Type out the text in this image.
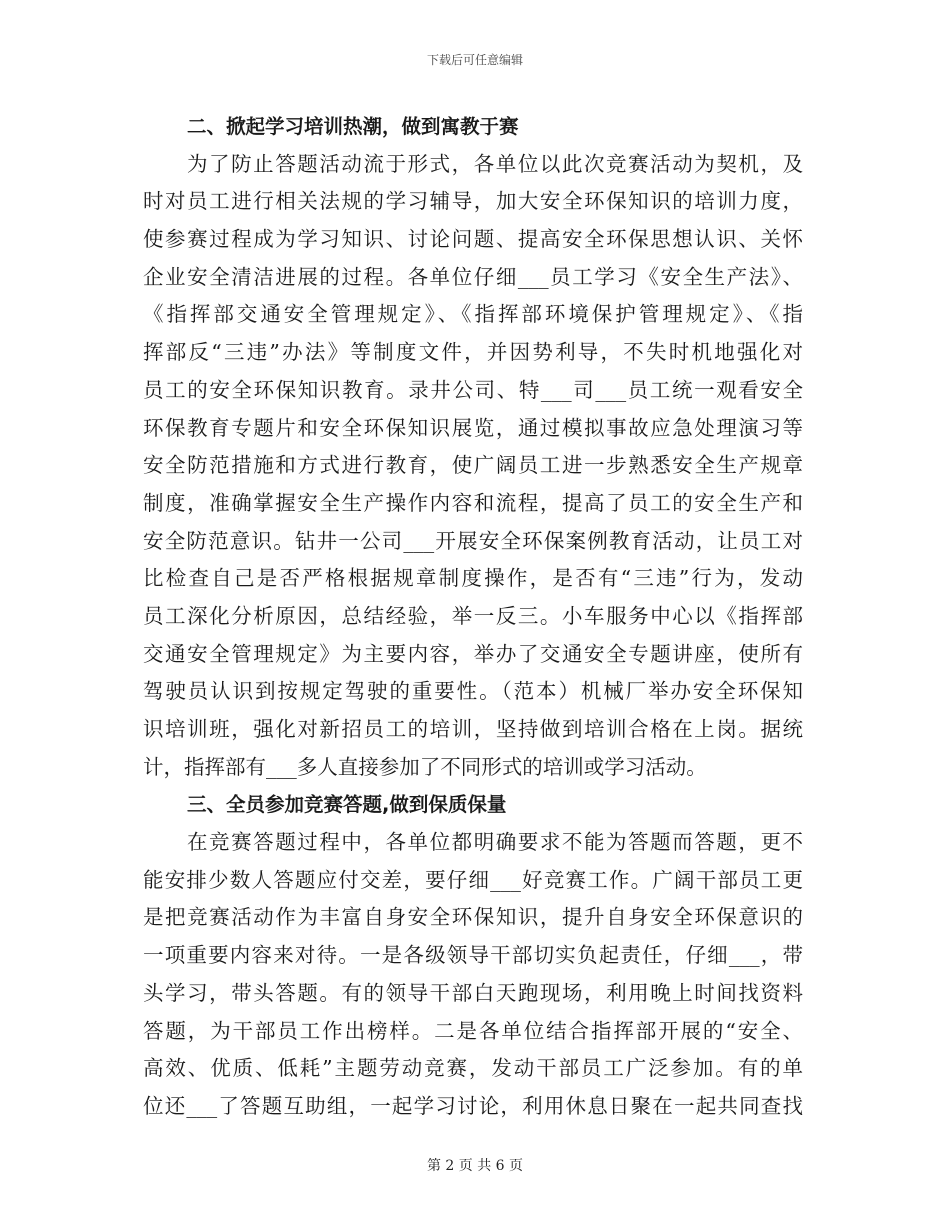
下载后可任意编辑
二、掀起学习培训热潮，做到寓教于赛
为了防止答题活动流于形式，各单位以此次竞赛活动为契机，及
时对员工进行相关法规的学习辅导，加大安全环保知识的培训力度，
使参赛过程成为学习知识、讨论问题、提高安全环保思想认识、关怀
企业安全清洁进展的过程。各单位仔细___员工学习《安全生产法》、
《指挥部交通安全管理规定》、《指挥部环境保护管理规定》、《指
挥部反“三违”办法》等制度文件，并因势利导，不失时机地强化对
员工的安全环保知识教育。录井公司、特___司___员工统一观看安全
环保教育专题片和安全环保知识展览，通过模拟事故应急处理演习等
安全防范措施和方式进行教育，使广阔员工进一步熟悉安全生产规章
制度，准确掌握安全生产操作内容和流程，提高了员工的安全生产和
安全防范意识。钻井一公司___开展安全环保案例教育活动，让员工对
比检查自己是否严格根据规章制度操作，是否有“三违”行为，发动
员工深化分析原因，总结经验，举一反三。小车服务中心以《指挥部
交通安全管理规定》为主要内容，举办了交通安全专题讲座，使所有
驾驶员认识到按规定驾驶的重要性。（范本）机械厂举办安全环保知
识培训班，强化对新招员工的培训，坚持做到培训合格在上岗。据统
计，指挥部有___多人直接参加了不同形式的培训或学习活动。
三、全员参加竞赛答题,做到保质保量
在竞赛答题过程中，各单位都明确要求不能为答题而答题，更不
能安排少数人答题应付交差，要仔细___好竞赛工作。广阔干部员工更
是把竞赛活动作为丰富自身安全环保知识，提升自身安全环保意识的
一项重要内容来对待。一是各级领导干部切实负起责任，仔细___，带
头学习，带头答题。有的领导干部白天跑现场，利用晚上时间找资料
答题，为干部员工作出榜样。二是各单位结合指挥部开展的“安全、
高效、优质、低耗”主题劳动竞赛，发动干部员工广泛参加。有的单
位还___了答题互助组，一起学习讨论，利用休息日聚在一起共同查找
第 2 页 共 6 页
